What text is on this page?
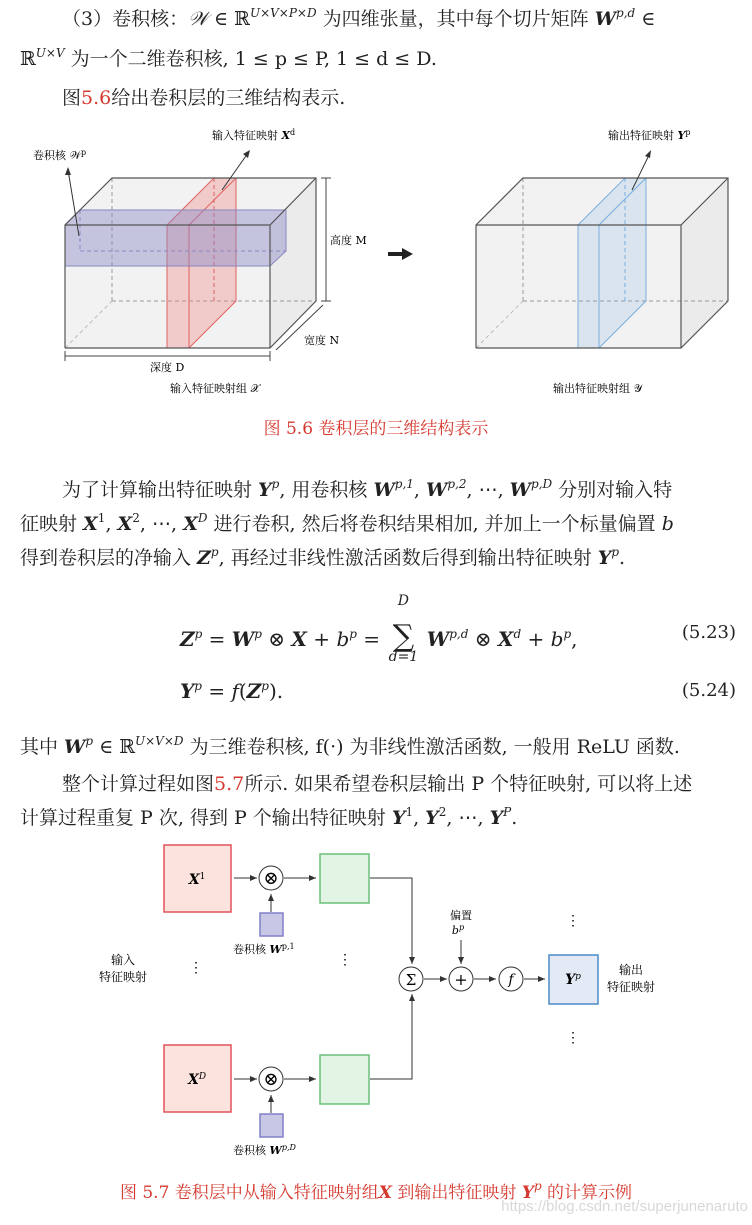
（3）卷积核：𝒲 ∈ ℝ$^{U\times V\times P\times D}$ 为四维张量，其中每个切片矩阵 W$^{p,d}$ ∈
ℝ$^{U\times V}$ 为一个二维卷积核, 1 ≤ p ≤ P, 1 ≤ d ≤ D.
图5.6给出卷积层的三维结构表示.
卷积核 𝒲$^p$
输入特征映射 $X^d$
高度 M
宽度 N
深度 D
输入特征映射组 𝒳
输出特征映射 $Y^p$
输出特征映射组 𝒴
图 5.6 卷积层的三维结构表示
为了计算输出特征映射 $Y^p$, 用卷积核 W$^{p,1}$, W$^{p,2}$, ⋯, $W^{p,D}$ 分别对输入特
征映射 $X^1$, $X^2$, ⋯, $X^D$ 进行卷积, 然后将卷积结果相加, 并加上一个标量偏置 b
得到卷积层的净输入 $Z^p$, 再经过非线性激活函数后得到输出特征映射 $Y^p$.
$Z^p = W^p$ ⊗ $X + b^p$ =
D
∑
d=1
W$^{p,d}$ ⊗ $X^d + b^p$,	(5.23)
$Y^p = f(Z^p)$.	(5.24)
其中 $W^p$ ∈ ℝ$^{U\times V\times D}$ 为三维卷积核, f(·) 为非线性激活函数, 一般用 ReLU 函数.
整个计算过程如图5.7所示. 如果希望卷积层输出 P 个特征映射, 可以将上述
计算过程重复 P 次, 得到 P 个输出特征映射 $Y^1$, $Y^2$, ⋯, $Y^P$.
$X^1$	⊗
卷积核 W$^{p,1}$
输入
特征映射
⋮	⋮
Σ +
偏置
$b^p$
f	$Y^p$	输出
特征映射
⋮
⋮
$X^D$	⊗
卷积核 $W^{p,D}$
图 5.7 卷积层中从输入特征映射组X 到输出特征映射 $Y^p$ 的计算示例
https://blog.csdn.net/superjunenaruto
